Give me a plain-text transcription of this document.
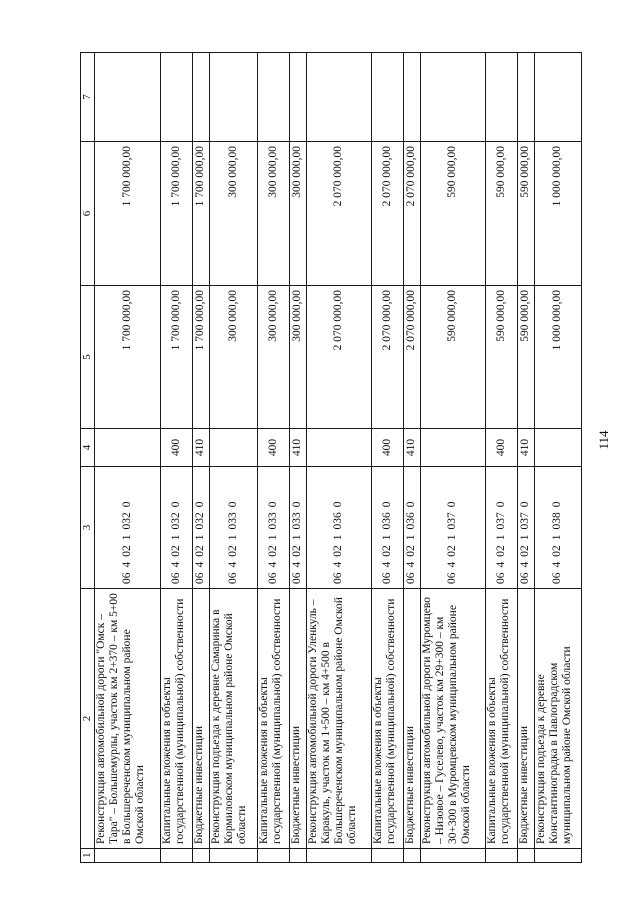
114
1	2	3	4	5	6	7
	Реконструкция автомобильной дороги "Омск – Тара" – Большемурлы, участок км 2+370 – км 5+00 в Большереченском муниципальном районе Омской области	0640210320		1 700 000,00	1 700 000,00	
	Капитальные вложения в объекты государственной (муниципальной) собственности	0640210320	400	1 700 000,00	1 700 000,00	
	Бюджетные инвестиции	0640210320	410	1 700 000,00	1 700 000,00	
	Реконструкция подъезда к деревне Самаринка в Кормиловском муниципальном районе Омской области	0640210330		300 000,00	300 000,00	
	Капитальные вложения в объекты государственной (муниципальной) собственности	0640210330	400	300 000,00	300 000,00	
	Бюджетные инвестиции	0640210330	410	300 000,00	300 000,00	
	Реконструкция автомобильной дороги Уленкуль – Каракуль, участок км 1+500 – км 4+500 в Большереченском муниципальном районе Омской области	0640210360		2 070 000,00	2 070 000,00	
	Капитальные вложения в объекты государственной (муниципальной) собственности	0640210360	400	2 070 000,00	2 070 000,00	
	Бюджетные инвестиции	0640210360	410	2 070 000,00	2 070 000,00	
	Реконструкция автомобильной дороги Муромцево – Низовое – Гуселево, участок км 29+300 – км 30+300 в Муромцевском муниципальном районе Омской области	0640210370		590 000,00	590 000,00	
	Капитальные вложения в объекты государственной (муниципальной) собственности	0640210370	400	590 000,00	590 000,00	
	Бюджетные инвестиции	0640210370	410	590 000,00	590 000,00	
	Реконструкция подъезда к деревне Константиноградка в Павлоградском муниципальном районе Омской области	0640210380		1 000 000,00	1 000 000,00	
